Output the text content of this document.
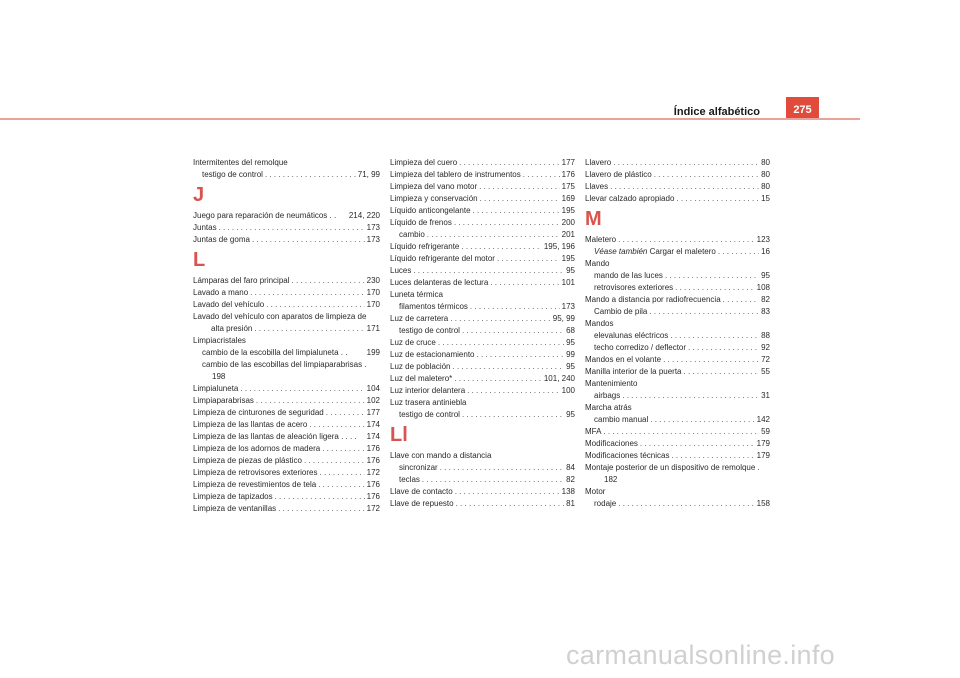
Índice alfabético	275
Intermitentes del remolque
testigo de control . . .	71, 99
J
Juego para reparación de neumáticos . . 214, 220
Juntas . . .	173
Juntas de goma . . .	173
L
Lámparas del faro principal . . .	230
Lavado a mano . . .	170
Lavado del vehículo . . .	170
Lavado del vehículo con aparatos de limpieza de
alta presión . . .	171
Limpiacristales
cambio de la escobilla del limpialuneta . . 199
cambio de las escobillas del limpiaparabrisas .
198
Limpialuneta . . .	104
Limpiaparabrisas . . .	102
Limpieza de cinturones de seguridad . . .	177
Limpieza de las llantas de acero . . .	174
Limpieza de las llantas de aleación ligera . . . . 174
Limpieza de los adornos de madera . . .	176
Limpieza de piezas de plástico . . .	176
Limpieza de retrovisores exteriores . . .	172
Limpieza de revestimientos de tela . . .	176
Limpieza de tapizados . . .	176
Limpieza de ventanillas . . .	172
Limpieza del cuero . . .	177
Limpieza del tablero de instrumentos . . .	176
Limpieza del vano motor . . .	175
Limpieza y conservación . . .	169
Líquido anticongelante . . .	195
Líquido de frenos . . .	200
cambio . . .	201
Líquido refrigerante . . .	195, 196
Líquido refrigerante del motor . . .	195
Luces . . .	95
Luces delanteras de lectura . . .	101
Luneta térmica
filamentos térmicos . . .	173
Luz de carretera . . .	95, 99
testigo de control . . .	68
Luz de cruce . . .	95
Luz de estacionamiento . . .	99
Luz de población . . .	95
Luz del maletero* . . .	101, 240
Luz interior delantera . . .	100
Luz trasera antiniebla
testigo de control . . .	95
Ll
Llave con mando a distancia
sincronizar . . .	84
teclas . . .	82
Llave de contacto . . .	138
Llave de repuesto . . .	81
Llavero . . .	80
Llavero de plástico . . .	80
Llaves . . .	80
Llevar calzado apropiado . . .	15
M
Maletero . . .	123
Véase también Cargar el maletero . . .	16
Mando
mando de las luces . . .	95
retrovisores exteriores . . .	108
Mando a distancia por radiofrecuencia . . .	82
Cambio de pila . . .	83
Mandos
elevalunas eléctricos . . .	88
techo corredizo / deflector . . .	92
Mandos en el volante . . .	72
Manilla interior de la puerta . . .	55
Mantenimiento
airbags . . .	31
Marcha atrás
cambio manual . . .	142
MFA . . .	59
Modificaciones . . .	179
Modificaciones técnicas . . .	179
Montaje posterior de un dispositivo de remolque .
182
Motor
rodaje . . .	158
carmanualsonline.info
